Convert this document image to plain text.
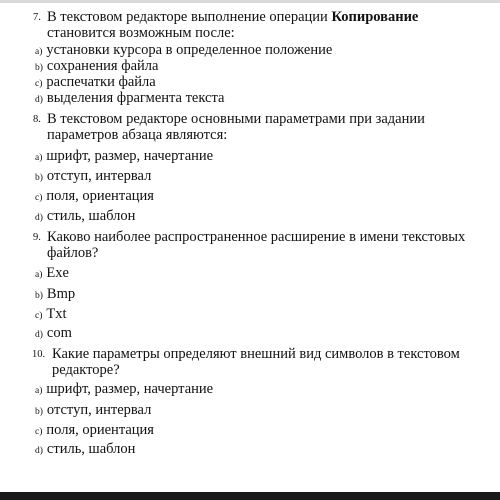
7. В текстовом редакторе выполнение операции Копирование становится возможным после:
a) установки курсора в определенное положение
b) сохранения файла
c) распечатки файла
d) выделения фрагмента текста
8. В текстовом редакторе основными параметрами при задании параметров абзаца являются:
a) шрифт, размер, начертание
b) отступ, интервал
c) поля, ориентация
d) стиль, шаблон
9. Каково наиболее распространенное расширение в имени текстовых файлов?
a) Exe
b) Bmp
c) Txt
d) com
10. Какие параметры определяют внешний вид символов в текстовом редакторе?
a) шрифт, размер, начертание
b) отступ, интервал
c) поля, ориентация
d) стиль, шаблон
